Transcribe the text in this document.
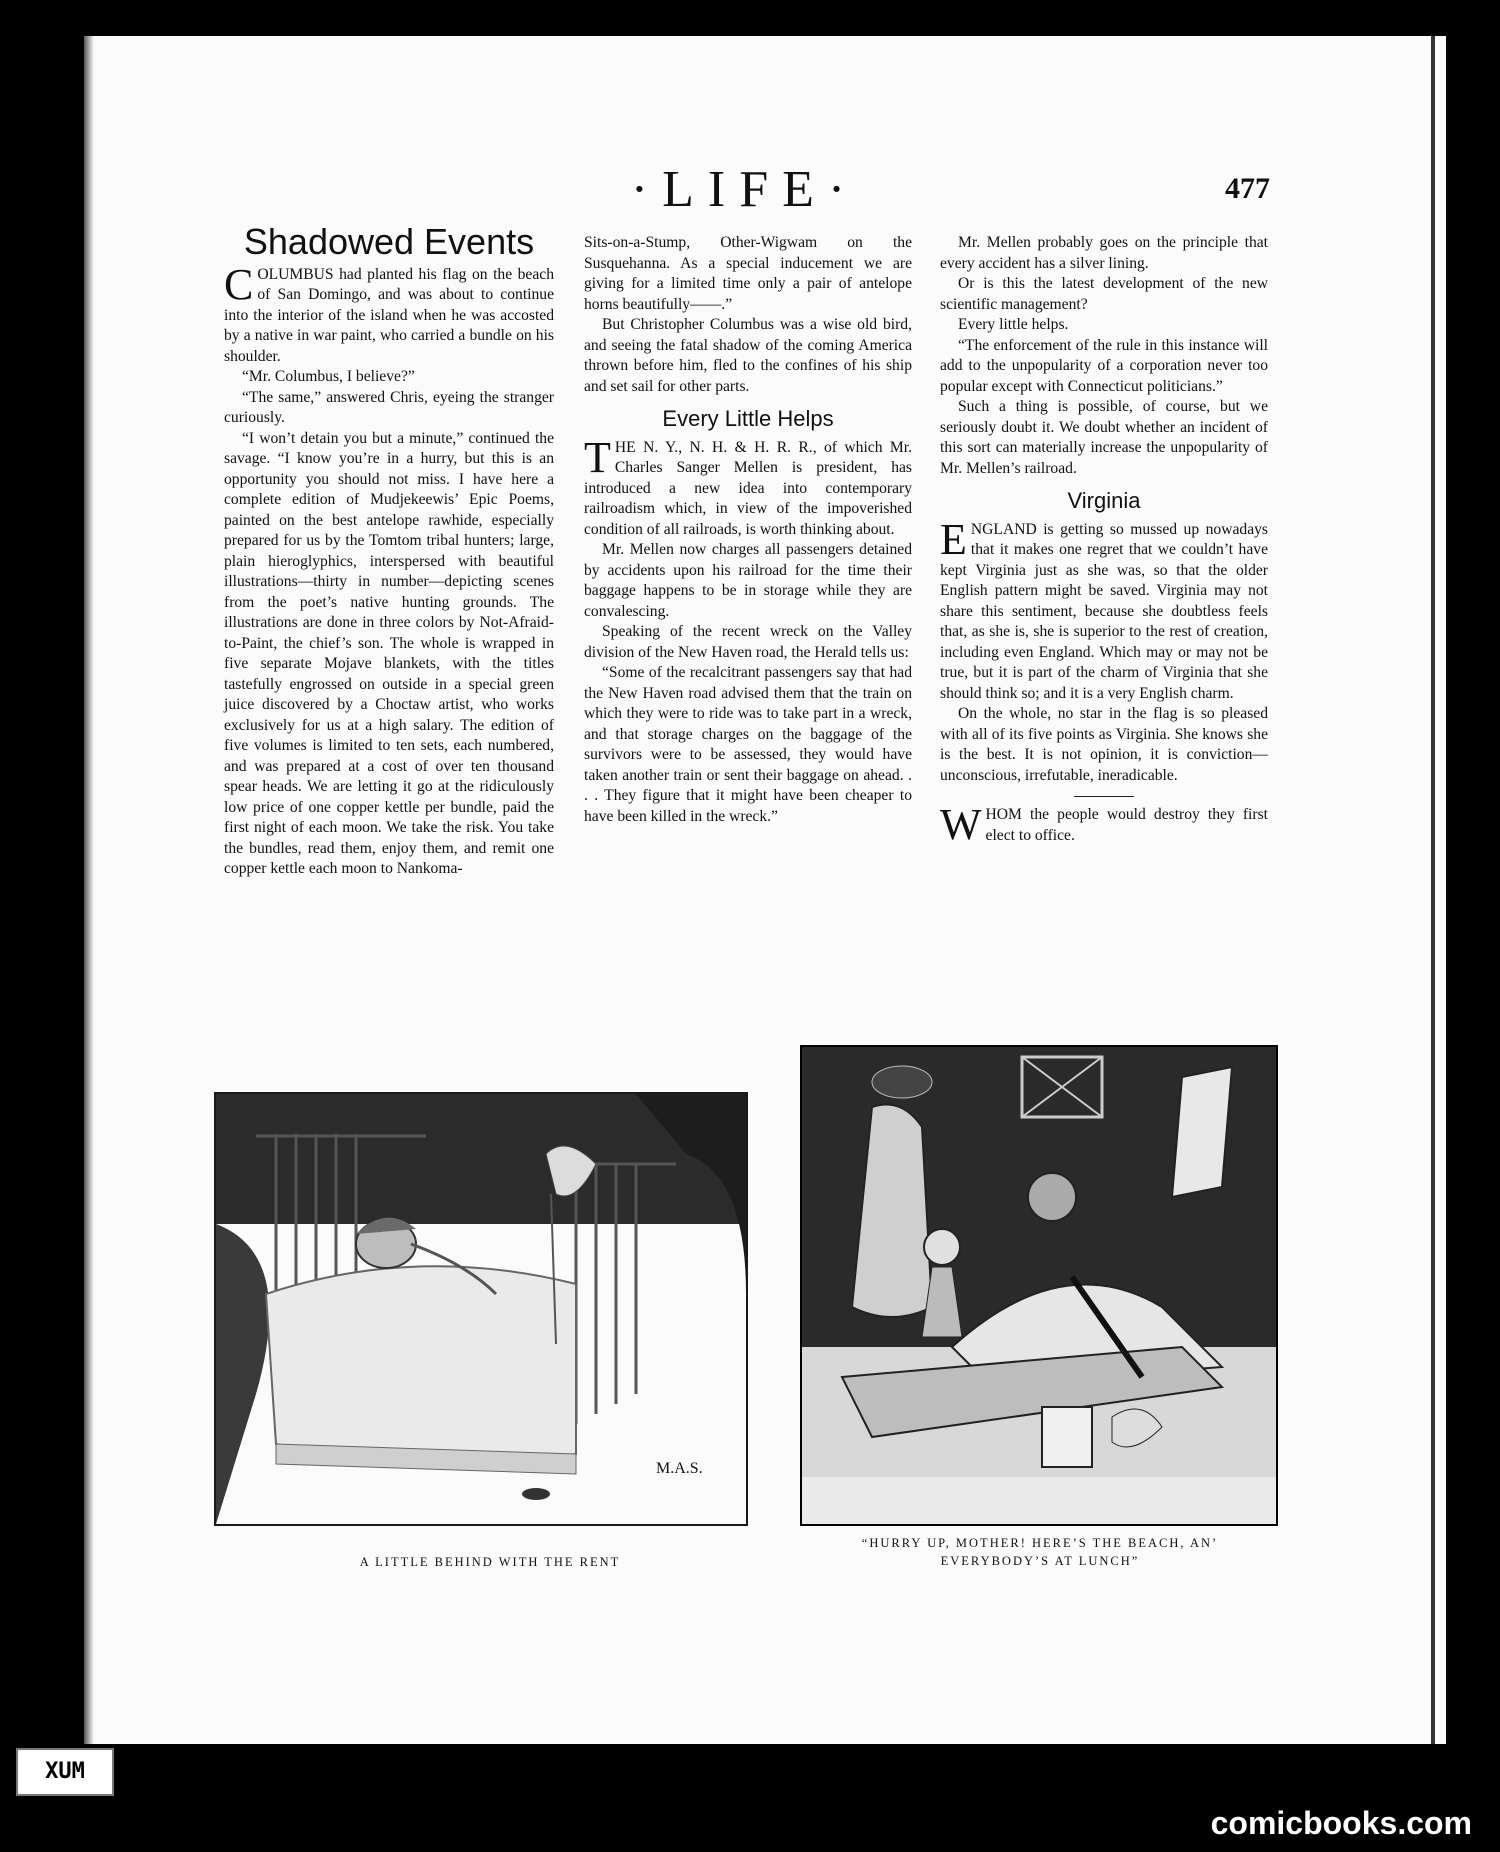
·LIFE·	477
Shadowed Events

COLUMBUS had planted his flag on the beach of San Domingo, and was about to continue into the interior of the island when he was accosted by a native in war paint, who carried a bundle on his shoulder.

“Mr. Columbus, I believe?”

“The same,” answered Chris, eyeing the stranger curiously.

“I won’t detain you but a minute,” continued the savage. “I know you’re in a hurry, but this is an opportunity you should not miss. I have here a complete edition of Mudjekeewis’ Epic Poems, painted on the best antelope rawhide, especially prepared for us by the Tomtom tribal hunters; large, plain hieroglyphics, interspersed with beautiful illustrations—thirty in number—depicting scenes from the poet’s native hunting grounds. The illustrations are done in three colors by Not-Afraid-to-Paint, the chief’s son. The whole is wrapped in five separate Mojave blankets, with the titles tastefully engrossed on outside in a special green juice discovered by a Choctaw artist, who works exclusively for us at a high salary. The edition of five volumes is limited to ten sets, each numbered, and was prepared at a cost of over ten thousand spear heads. We are letting it go at the ridiculously low price of one copper kettle per bundle, paid the first night of each moon. We take the risk. You take the bundles, read them, enjoy them, and remit one copper kettle each moon to Nankoma-

Sits-on-a-Stump, Other-Wigwam on the Susquehanna. As a special inducement we are giving for a limited time only a pair of antelope horns beautifully——.”

But Christopher Columbus was a wise old bird, and seeing the fatal shadow of the coming America thrown before him, fled to the confines of his ship and set sail for other parts.

Every Little Helps

THE N. Y., N. H. & H. R. R., of which Mr. Charles Sanger Mellen is president, has introduced a new idea into contemporary railroadism which, in view of the impoverished condition of all railroads, is worth thinking about.

Mr. Mellen now charges all passengers detained by accidents upon his railroad for the time their baggage happens to be in storage while they are convalescing.

Speaking of the recent wreck on the Valley division of the New Haven road, the Herald tells us:

“Some of the recalcitrant passengers say that had the New Haven road advised them that the train on which they were to ride was to take part in a wreck, and that storage charges on the baggage of the survivors were to be assessed, they would have taken another train or sent their baggage on ahead. . . . They figure that it might have been cheaper to have been killed in the wreck.”

Mr. Mellen probably goes on the principle that every accident has a silver lining.

Or is this the latest development of the new scientific management?

Every little helps.

“The enforcement of the rule in this instance will add to the unpopularity of a corporation never too popular except with Connecticut politicians.”

Such a thing is possible, of course, but we seriously doubt it. We doubt whether an incident of this sort can materially increase the unpopularity of Mr. Mellen’s railroad.

Virginia

ENGLAND is getting so mussed up nowadays that it makes one regret that we couldn’t have kept Virginia just as she was, so that the older English pattern might be saved. Virginia may not share this sentiment, because she doubtless feels that, as she is, she is superior to the rest of creation, including even England. Which may or may not be true, but it is part of the charm of Virginia that she should think so; and it is a very English charm.

On the whole, no star in the flag is so pleased with all of its five points as Virginia. She knows she is the best. It is not opinion, it is conviction—unconscious, irrefutable, ineradicable.

WHOM the people would destroy they first elect to office.

M.A.S.
A LITTLE BEHIND WITH THE RENT
“HURRY UP, MOTHER! HERE’S THE BEACH, AN’
EVERYBODY’S AT LUNCH”
XUM
comicbooks.com
